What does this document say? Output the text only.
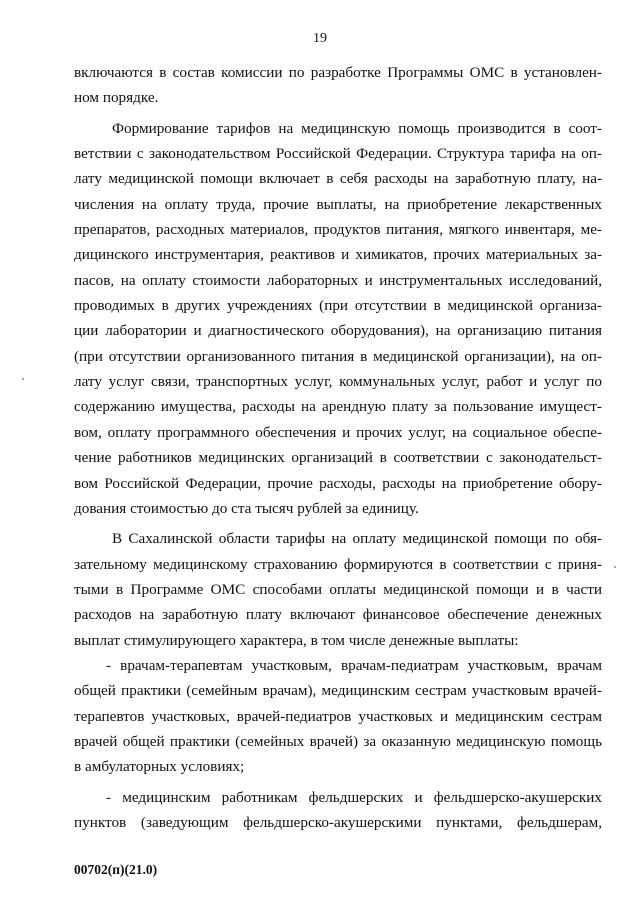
19
включаются в состав комиссии по разработке Программы ОМС в установлен-
ном порядке.
Формирование тарифов на медицинскую помощь производится в соот-
ветствии с законодательством Российской Федерации. Структура тарифа на оп-
лату медицинской помощи включает в себя расходы на заработную плату, на-
числения на оплату труда, прочие выплаты, на приобретение лекарственных
препаратов, расходных материалов, продуктов питания, мягкого инвентаря, ме-
дицинского инструментария, реактивов и химикатов, прочих материальных за-
пасов, на оплату стоимости лабораторных и инструментальных исследований,
проводимых в других учреждениях (при отсутствии в медицинской организа-
ции лаборатории и диагностического оборудования), на организацию питания
(при отсутствии организованного питания в медицинской организации), на оп-
лату услуг связи, транспортных услуг, коммунальных услуг, работ и услуг по
содержанию имущества, расходы на арендную плату за пользование имущест-
вом, оплату программного обеспечения и прочих услуг, на социальное обеспе-
чение работников медицинских организаций в соответствии с законодательст-
вом Российской Федерации, прочие расходы, расходы на приобретение обору-
дования стоимостью до ста тысяч рублей за единицу.
В Сахалинской области тарифы на оплату медицинской помощи по обя-
зательному медицинскому страхованию формируются в соответствии с приня-
тыми в Программе ОМС способами оплаты медицинской помощи и в части
расходов на заработную плату включают финансовое обеспечение денежных
выплат стимулирующего характера, в том числе денежные выплаты:
- врачам-терапевтам участковым, врачам-педиатрам участковым, врачам
общей практики (семейным врачам), медицинским сестрам участковым врачей-
терапевтов участковых, врачей-педиатров участковых и медицинским сестрам
врачей общей практики (семейных врачей) за оказанную медицинскую помощь
в амбулаторных условиях;
- медицинским работникам фельдшерских и фельдшерско-акушерских
пунктов (заведующим фельдшерско-акушерскими пунктами, фельдшерам,
00702(п)(21.0)
